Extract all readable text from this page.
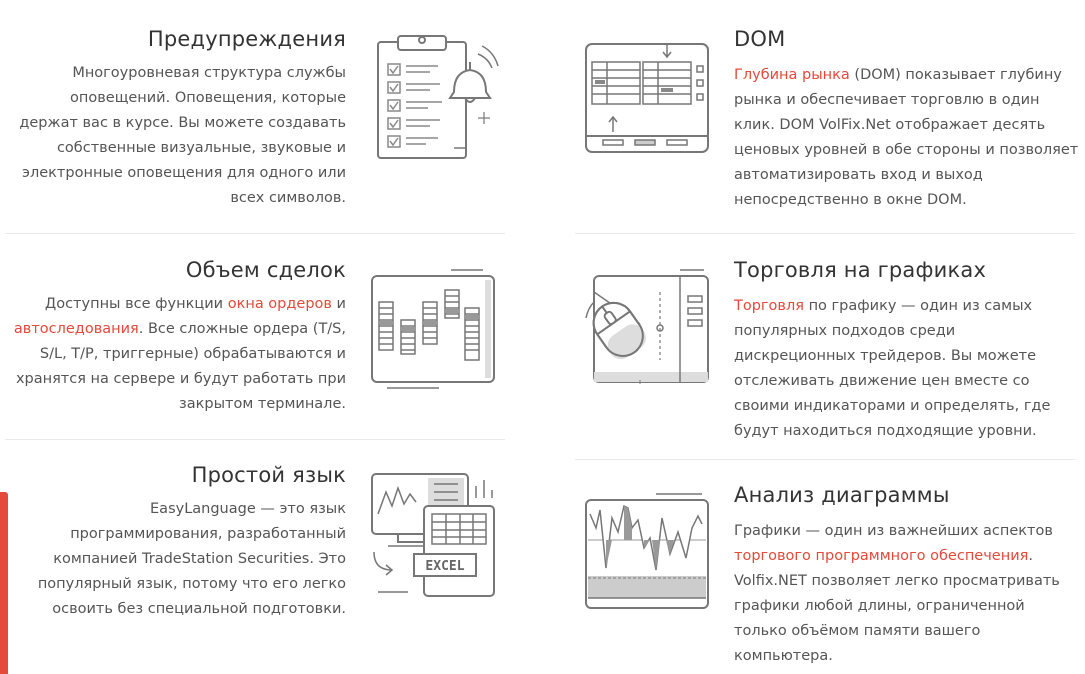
Предупреждения

Многоуровневая структура службы оповещений. Оповещения, которые держат вас в курсе. Вы можете создавать собственные визуальные, звуковые и электронные оповещения для одного или всех символов.

DOM

Глубина рынка (DOM) показывает глубину рынка и обеспечивает торговлю в один клик. DOM VolFix.Net отображает десять ценовых уровней в обе стороны и позволяет автоматизировать вход и выход непосредственно в окне DOM.

Объем сделок

Доступны все функции окна ордеров и автоследования. Все сложные ордера (T/S, S/L, T/P, триггерные) обрабатываются и хранятся на сервере и будут работать при закрытом терминале.

Торговля на графиках

Торговля по графику — один из самых популярных подходов среди дискреционных трейдеров. Вы можете отслеживать движение цен вместе со своими индикаторами и определять, где будут находиться подходящие уровни.

Простой язык

EasyLanguage — это язык программирования, разработанный компанией TradeStation Securities. Это популярный язык, потому что его легко освоить без специальной подготовки.

EXCEL
Анализ диаграммы

Графики — один из важнейших аспектов торгового программного обеспечения. Volfix.NET позволяет легко просматривать графики любой длины, ограниченной только объёмом памяти вашего компьютера.
